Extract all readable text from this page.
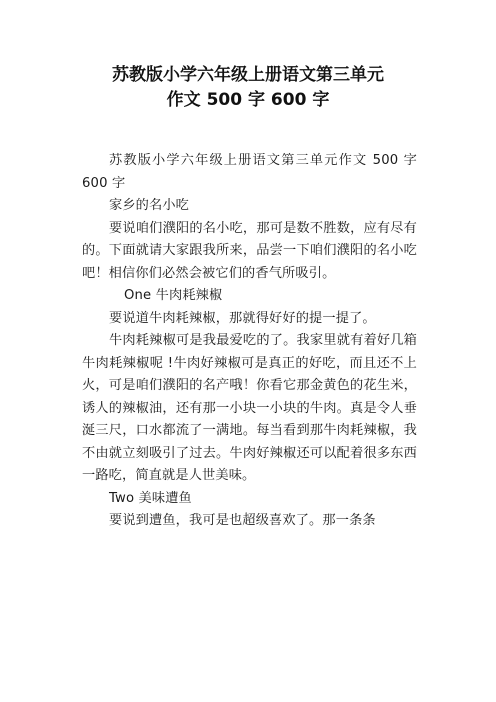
苏教版小学六年级上册语文第三单元
作文 500 字 600 字

苏教版小学六年级上册语文第三单元作文 500 字 600 字

家乡的名小吃

要说咱们濮阳的名小吃，那可是数不胜数，应有尽有的。下面就请大家跟我所来，品尝一下咱们濮阳的名小吃吧！相信你们必然会被它们的香气所吸引。

One 牛肉耗辣椒

要说道牛肉耗辣椒，那就得好好的提一提了。

牛肉耗辣椒可是我最爱吃的了。我家里就有着好几箱牛肉耗辣椒呢 !牛肉好辣椒可是真正的好吃，而且还不上火，可是咱们濮阳的名产哦！你看它那金黄色的花生米，诱人的辣椒油，还有那一小块一小块的牛肉。真是令人垂涎三尺，口水都流了一满地。每当看到那牛肉耗辣椒，我不由就立刻吸引了过去。牛肉好辣椒还可以配着很多东西一路吃，简直就是人世美味。

Two 美味遭鱼

要说到遭鱼，我可是也超级喜欢了。那一条条
